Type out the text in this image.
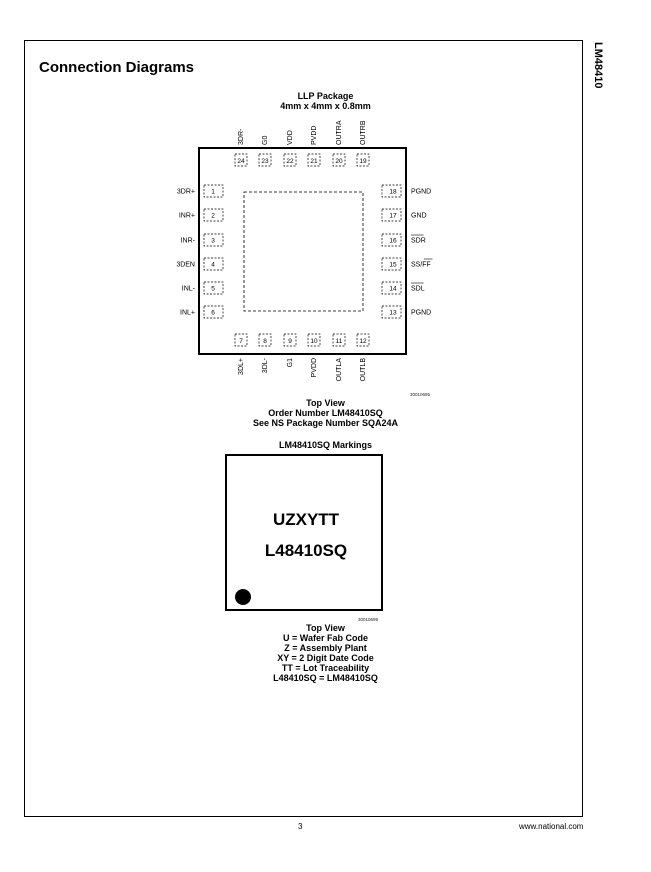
LM48410
Connection Diagrams
LLP Package
4mm x 4mm x 0.8mm
24
3DR-
23
G0
22
VDD
21
PVDD
20
OUTRA
19
OUTRB
7
3DL+
8
3DL-
9
G1
10
PVDD
11
OUTLA
12
OUTLB
1
3DR+
2
INR+
3
INR-
4
3DEN
5
INL-
6
INL+
18 PGND
17 GND
16 SDR
15 SS/FF
14 SDL
13 PGND
30010695
Top View
Order Number LM48410SQ
See NS Package Number SQA24A
LM48410SQ Markings
UZXYTT
L48410SQ
30010699
Top View
U = Wafer Fab Code
Z = Assembly Plant
XY = 2 Digit Date Code
TT = Lot Traceability
L48410SQ = LM48410SQ
3	www.national.com
